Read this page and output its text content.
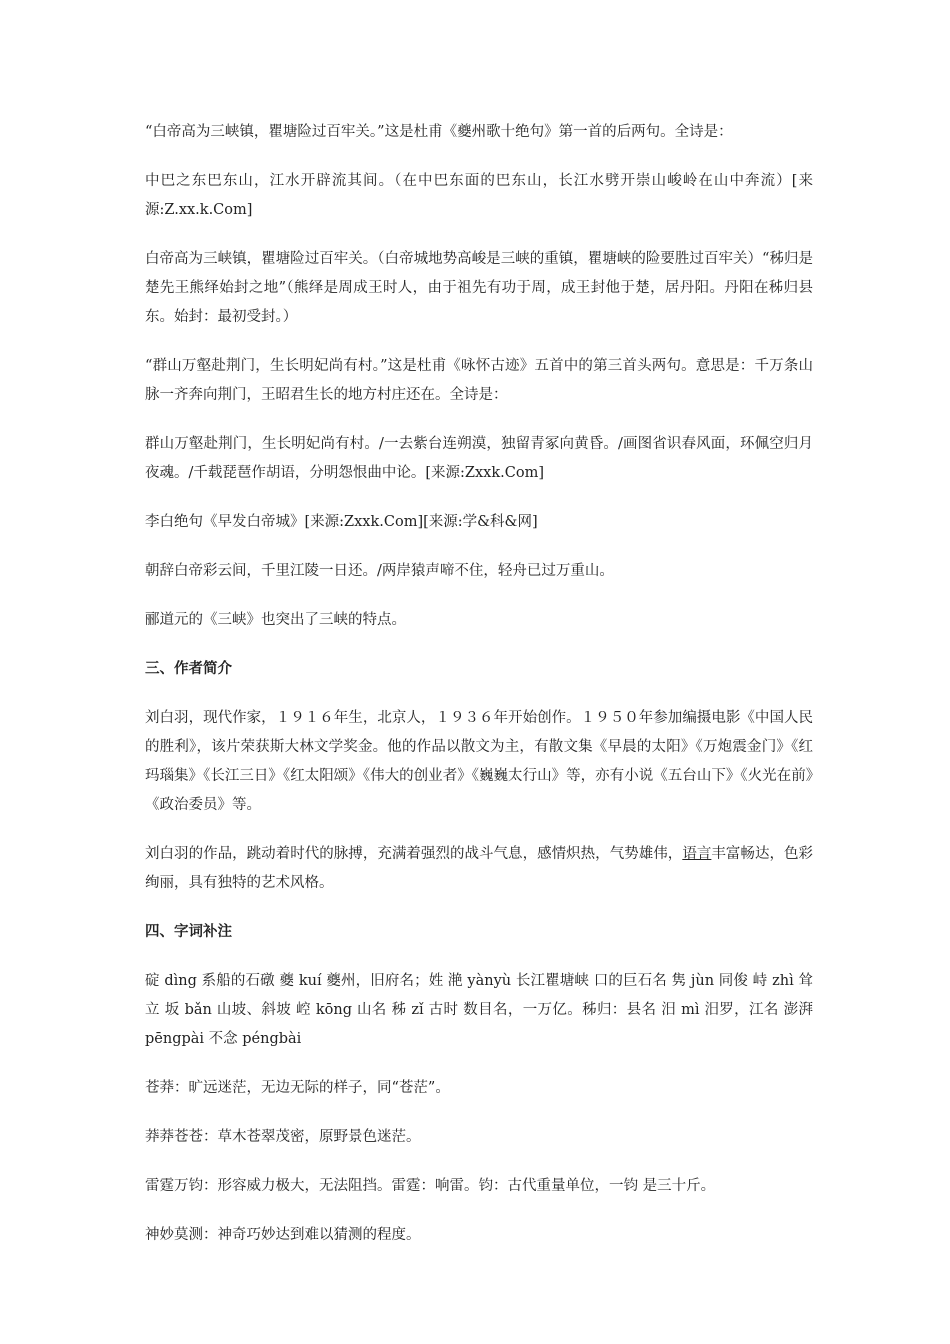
“白帝高为三峡镇，瞿塘险过百牢关。”这是杜甫《夔州歌十绝句》第一首的后两句。全诗是：

中巴之东巴东山，江水开辟流其间。（在中巴东面的巴东山，长江水劈开崇山峻岭在山中奔流）[来源:Z.xx.k.Com]

白帝高为三峡镇，瞿塘险过百牢关。（白帝城地势高峻是三峡的重镇，瞿塘峡的险要胜过百牢关）“秭归是楚先王熊绎始封之地”（熊绎是周成王时人，由于祖先有功于周，成王封他于楚，居丹阳。丹阳在秭归县东。始封：最初受封。）

“群山万壑赴荆门，生长明妃尚有村。”这是杜甫《咏怀古迹》五首中的第三首头两句。意思是：千万条山脉一齐奔向荆门，王昭君生长的地方村庄还在。全诗是：

群山万壑赴荆门，生长明妃尚有村。/一去紫台连朔漠，独留青冢向黄昏。/画图省识春风面，环佩空归月夜魂。/千载琵琶作胡语，分明怨恨曲中论。[来源:Zxxk.Com]

李白绝句《早发白帝城》[来源:Zxxk.Com][来源:学&科&网]

朝辞白帝彩云间，千里江陵一日还。/两岸猿声啼不住，轻舟已过万重山。

郦道元的《三峡》也突出了三峡的特点。

三、作者简介

刘白羽，现代作家，１９１６年生，北京人，１９３６年开始创作。１９５０年参加编摄电影《中国人民的胜利》，该片荣获斯大林文学奖金。他的作品以散文为主，有散文集《早晨的太阳》《万炮震金门》《红玛瑙集》《长江三日》《红太阳颂》《伟大的创业者》《巍巍太行山》等，亦有小说《五台山下》《火光在前》《政治委员》等。

刘白羽的作品，跳动着时代的脉搏，充满着强烈的战斗气息，感情炽热，气势雄伟，语言丰富畅达，色彩绚丽，具有独特的艺术风格。

四、字词补注

碇 dìng 系船的石礅 夔 kuí 夔州，旧府名；姓 滟 yànyù 长江瞿塘峡 口的巨石名 隽 jùn 同俊 峙 zhì 耸立 坂 bǎn 山坡、斜坡 崆 kōng 山名 秭 zǐ 古时 数目名，一万亿。秭归：县名 汨 mì 汨罗，江名 澎湃 pēngpài 不念 péngbài

苍莽：旷远迷茫，无边无际的样子，同“苍茫”。

莽莽苍苍：草木苍翠茂密，原野景色迷茫。

雷霆万钧：形容威力极大，无法阻挡。雷霆：响雷。钧：古代重量单位，一钧 是三十斤。

神妙莫测：神奇巧妙达到难以猜测的程度。
